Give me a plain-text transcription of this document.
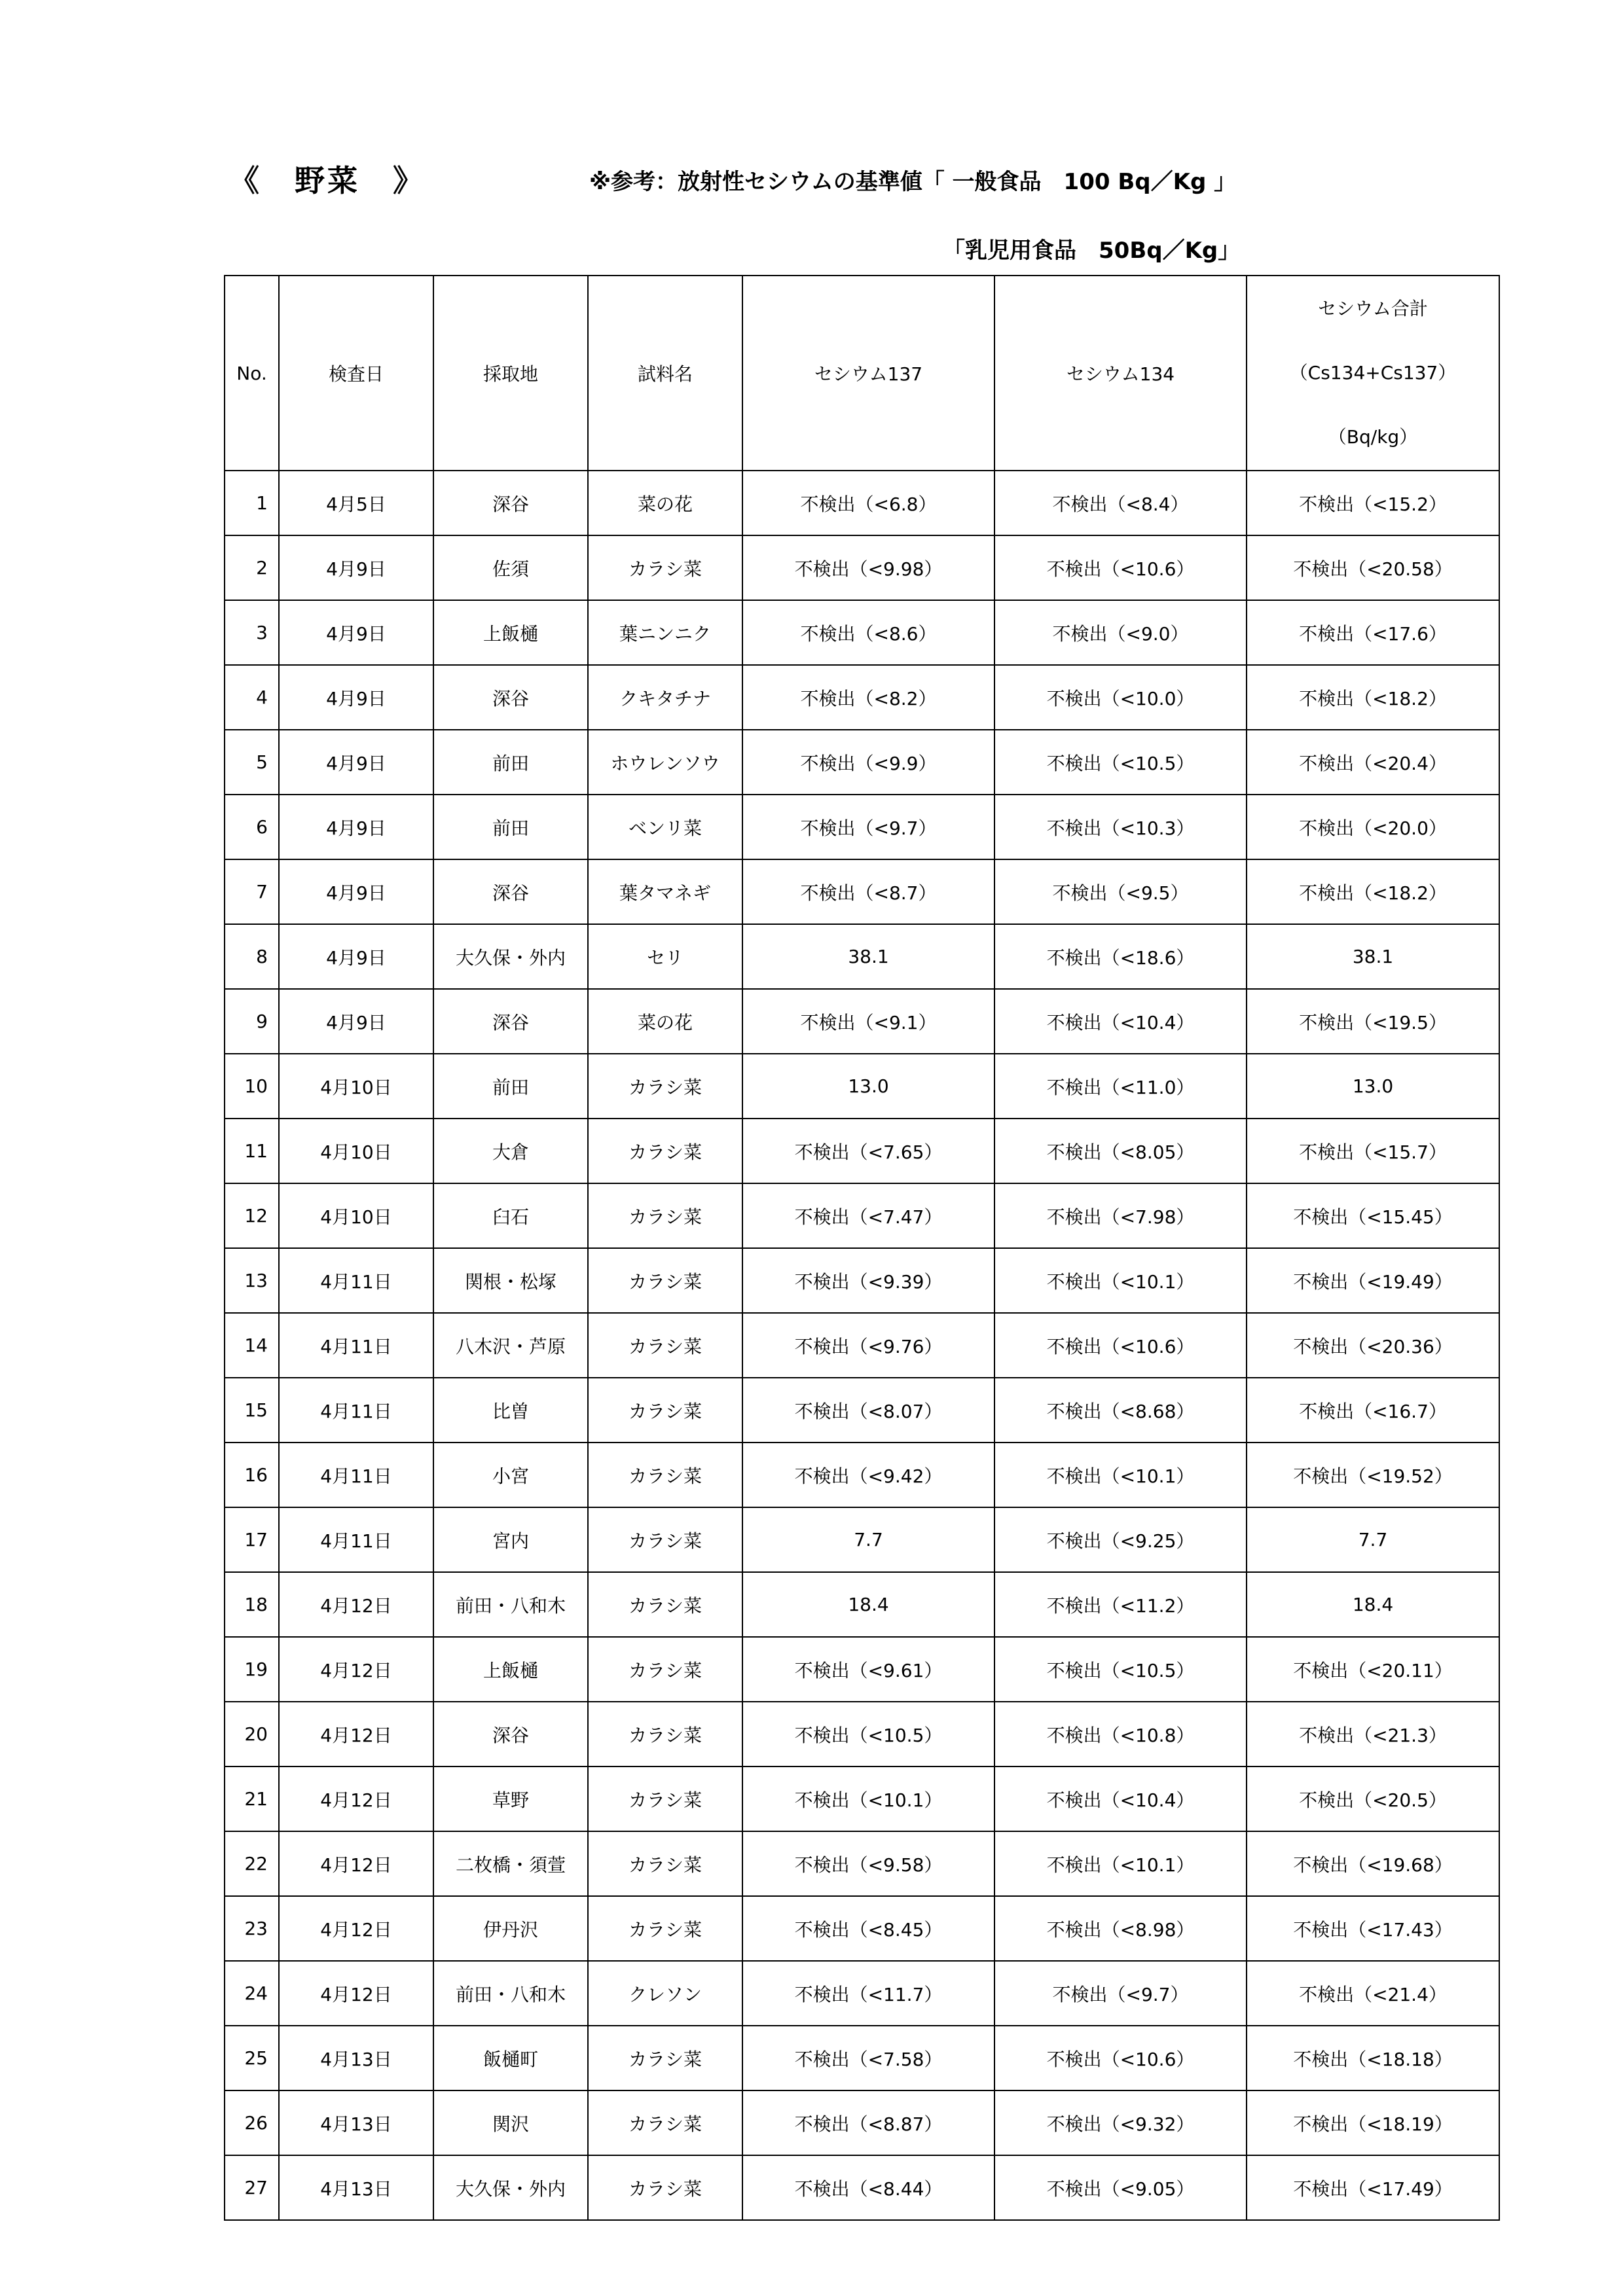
《　野菜　》	※参考：放射性セシウムの基準値「 一般食品　100 Bq／Kg 」
「乳児用食品　50Bq／Kg」
No.	検査日	採取地	試料名	セシウム137	セシウム134	セシウム合計
（Cs134+Cs137）
（Bq/kg）

1	4月5日	深谷	菜の花	不検出（<6.8）	不検出（<8.4）	不検出（<15.2）
2	4月9日	佐須	カラシ菜	不検出（<9.98）	不検出（<10.6）	不検出（<20.58）
3	4月9日	上飯樋	葉ニンニク	不検出（<8.6）	不検出（<9.0）	不検出（<17.6）
4	4月9日	深谷	クキタチナ	不検出（<8.2）	不検出（<10.0）	不検出（<18.2）
5	4月9日	前田	ホウレンソウ	不検出（<9.9）	不検出（<10.5）	不検出（<20.4）
6	4月9日	前田	ベンリ菜	不検出（<9.7）	不検出（<10.3）	不検出（<20.0）
7	4月9日	深谷	葉タマネギ	不検出（<8.7）	不検出（<9.5）	不検出（<18.2）
8	4月9日	大久保・外内	セリ	38.1	不検出（<18.6）	38.1
9	4月9日	深谷	菜の花	不検出（<9.1）	不検出（<10.4）	不検出（<19.5）
10	4月10日	前田	カラシ菜	13.0	不検出（<11.0）	13.0
11	4月10日	大倉	カラシ菜	不検出（<7.65）	不検出（<8.05）	不検出（<15.7）
12	4月10日	臼石	カラシ菜	不検出（<7.47）	不検出（<7.98）	不検出（<15.45）
13	4月11日	関根・松塚	カラシ菜	不検出（<9.39）	不検出（<10.1）	不検出（<19.49）
14	4月11日	八木沢・芦原	カラシ菜	不検出（<9.76）	不検出（<10.6）	不検出（<20.36）
15	4月11日	比曽	カラシ菜	不検出（<8.07）	不検出（<8.68）	不検出（<16.7）
16	4月11日	小宮	カラシ菜	不検出（<9.42）	不検出（<10.1）	不検出（<19.52）
17	4月11日	宮内	カラシ菜	7.7	不検出（<9.25）	7.7
18	4月12日	前田・八和木	カラシ菜	18.4	不検出（<11.2）	18.4
19	4月12日	上飯樋	カラシ菜	不検出（<9.61）	不検出（<10.5）	不検出（<20.11）
20	4月12日	深谷	カラシ菜	不検出（<10.5）	不検出（<10.8）	不検出（<21.3）
21	4月12日	草野	カラシ菜	不検出（<10.1）	不検出（<10.4）	不検出（<20.5）
22	4月12日	二枚橋・須萱	カラシ菜	不検出（<9.58）	不検出（<10.1）	不検出（<19.68）
23	4月12日	伊丹沢	カラシ菜	不検出（<8.45）	不検出（<8.98）	不検出（<17.43）
24	4月12日	前田・八和木	クレソン	不検出（<11.7）	不検出（<9.7）	不検出（<21.4）
25	4月13日	飯樋町	カラシ菜	不検出（<7.58）	不検出（<10.6）	不検出（<18.18）
26	4月13日	関沢	カラシ菜	不検出（<8.87）	不検出（<9.32）	不検出（<18.19）
27	4月13日	大久保・外内	カラシ菜	不検出（<8.44）	不検出（<9.05）	不検出（<17.49）
